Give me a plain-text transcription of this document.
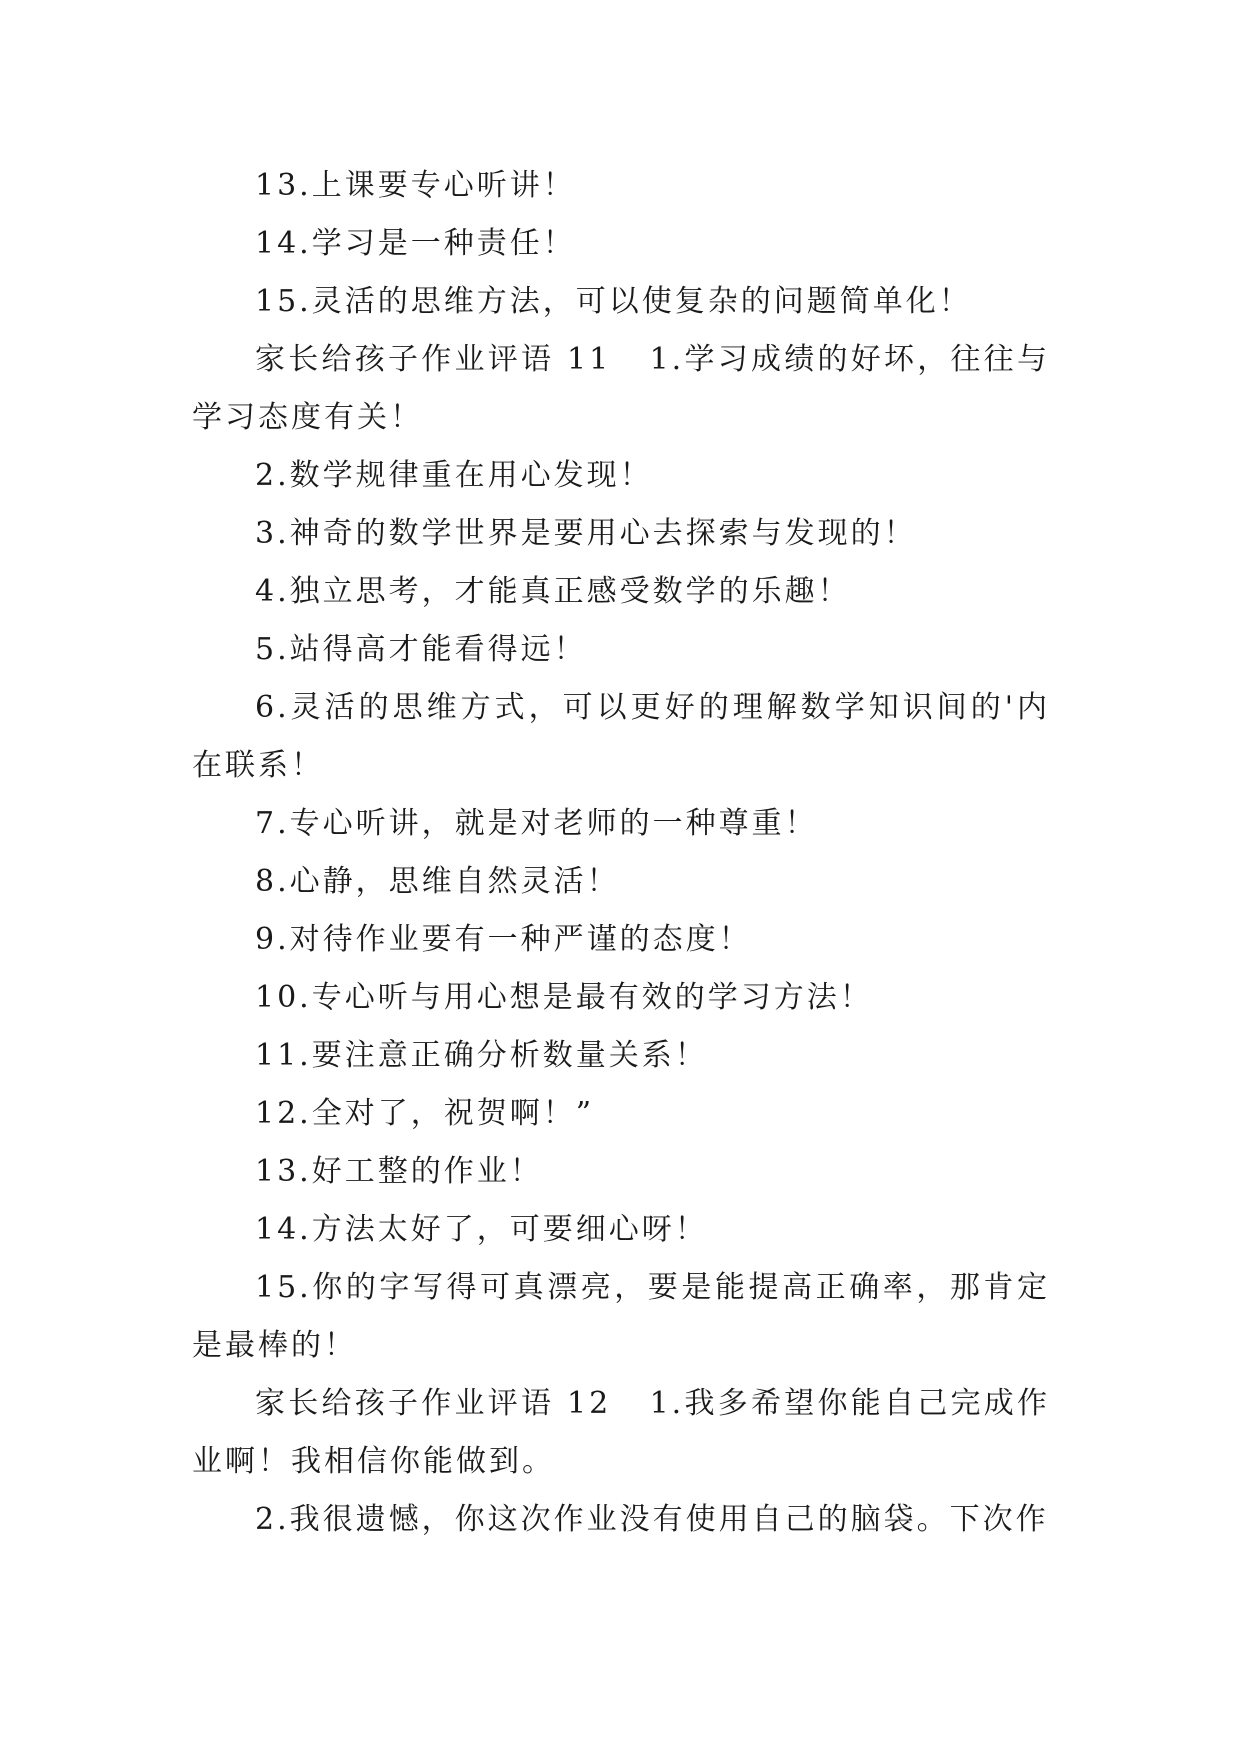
13.上课要专心听讲！

14.学习是一种责任！

15.灵活的思维方法，可以使复杂的问题简单化！

家长给孩子作业评语 11   1.学习成绩的好坏，往往与学习态度有关！

2.数学规律重在用心发现！

3.神奇的数学世界是要用心去探索与发现的！

4.独立思考，才能真正感受数学的乐趣！

5.站得高才能看得远！

6.灵活的思维方式，可以更好的理解数学知识间的'内在联系！

7.专心听讲，就是对老师的一种尊重！

8.心静，思维自然灵活！

9.对待作业要有一种严谨的态度！

10.专心听与用心想是最有效的学习方法！

11.要注意正确分析数量关系！

12.全对了，祝贺啊！”

13.好工整的作业！

14.方法太好了，可要细心呀！

15.你的字写得可真漂亮，要是能提高正确率，那肯定是最棒的！

家长给孩子作业评语 12   1.我多希望你能自己完成作业啊！我相信你能做到。

2.我很遗憾，你这次作业没有使用自己的脑袋。下次作
